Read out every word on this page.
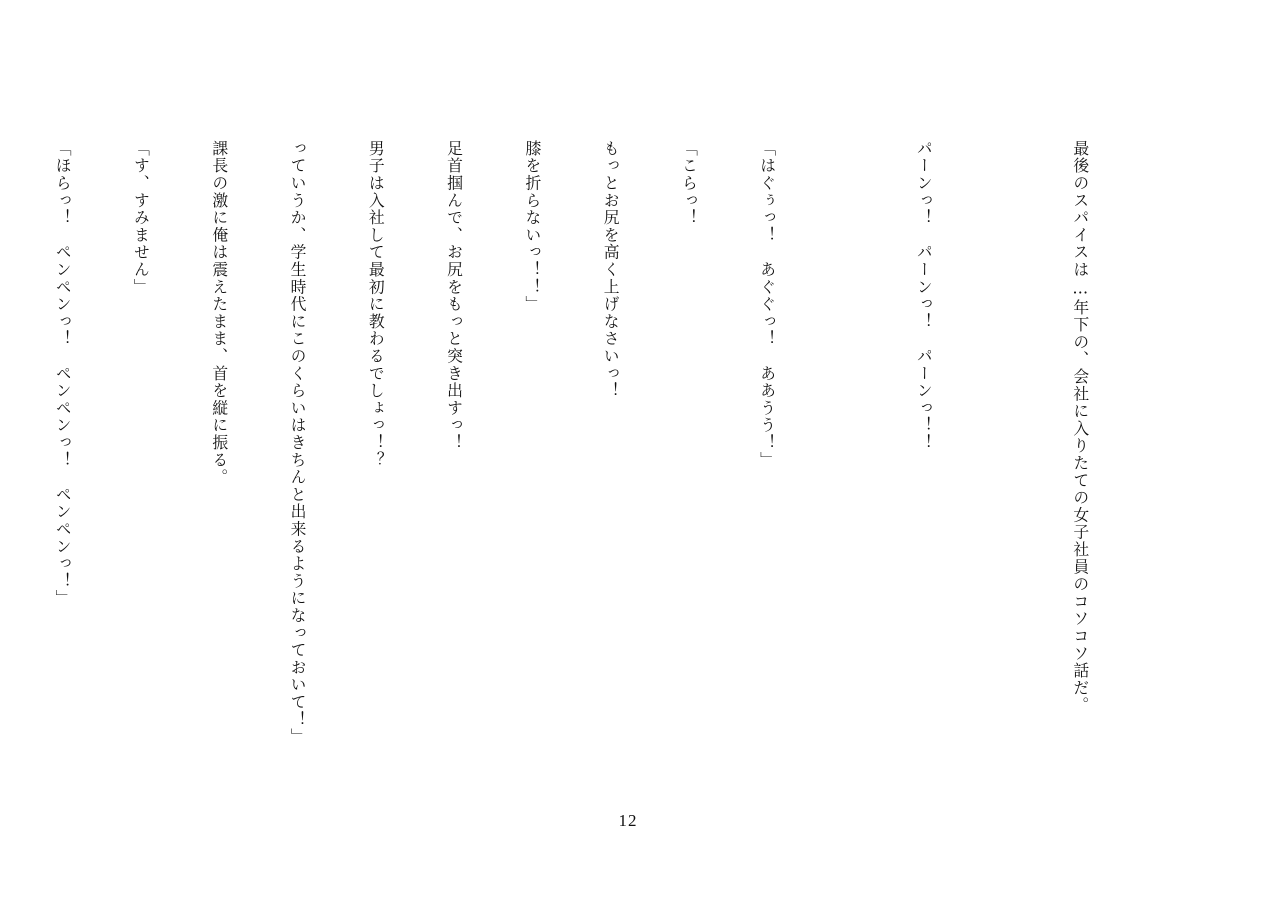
最後のスパイスは…年下の、会社に入りたての女子社員のコソコソ話だ。

パーンっ！　パーンっ！　パーンっ！！

「はぐぅっ！　あぐぐっ！　ああうう！」

「こらっ！

もっとお尻を高く上げなさいっ！

膝を折らないっ！！」

足首掴んで、お尻をもっと突き出すっ！

男子は入社して最初に教わるでしょっ！？

っていうか、学生時代にこのくらいはきちんと出来るようになっておいて！」

課長の激に俺は震えたまま、首を縦に振る。

「す、すみません」

「ほらっ！　ペンペンっ！　ペンペンっ！　ペンペンっ！」

12
